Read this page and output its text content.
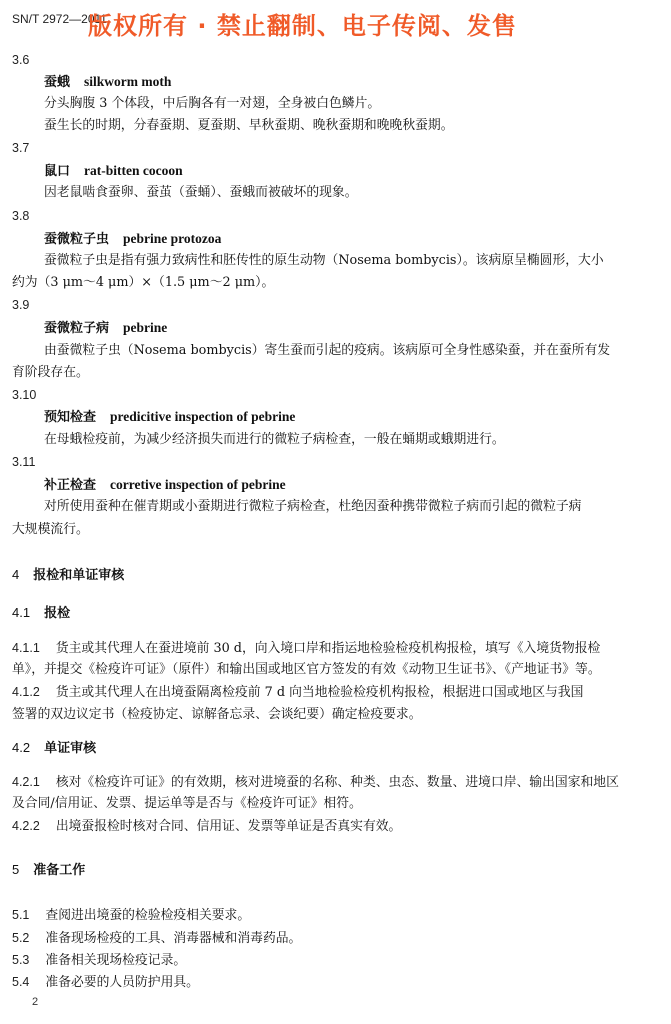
SN/T 2972—2011
版权所有 · 禁止翻制、电子传阅、发售
3.6
蚕蛾 silkworm moth
分头胸腹 3 个体段，中后胸各有一对翅，全身被白色鳞片。
蚕生长的时期，分春蚕期、夏蚕期、早秋蚕期、晚秋蚕期和晚晚秋蚕期。
3.7
鼠口 rat-bitten cocoon
因老鼠啮食蚕卵、蚕茧（蚕蛹）、蚕蛾而被破坏的现象。
3.8
蚕微粒子虫 pebrine protozoa
蚕微粒子虫是指有强力致病性和胚传性的原生动物（Nosema bombycis）。该病原呈椭圆形，大小
约为（3 μm～4 μm）×（1.5 μm～2 μm）。
3.9
蚕微粒子病 pebrine
由蚕微粒子虫（Nosema bombycis）寄生蚕而引起的疫病。该病原可全身性感染蚕，并在蚕所有发
育阶段存在。
3.10
预知检查 predicitive inspection of pebrine
在母蛾检疫前，为减少经济损失而进行的微粒子病检查，一般在蛹期或蛾期进行。
3.11
补正检查 corretive inspection of pebrine
对所使用蚕种在催青期或小蚕期进行微粒子病检查，杜绝因蚕种携带微粒子病而引起的微粒子病
大规模流行。
4 报检和单证审核
4.1 报检
4.1.1 货主或其代理人在蚕进境前 30 d，向入境口岸和指运地检验检疫机构报检，填写《入境货物报检
单》，并提交《检疫许可证》（原件）和输出国或地区官方签发的有效《动物卫生证书》、《产地证书》等。
4.1.2 货主或其代理人在出境蚕隔离检疫前 7 d 向当地检验检疫机构报检，根据进口国或地区与我国
签署的双边议定书（检疫协定、谅解备忘录、会谈纪要）确定检疫要求。
4.2 单证审核
4.2.1 核对《检疫许可证》的有效期，核对进境蚕的名称、种类、虫态、数量、进境口岸、输出国家和地区
及合同/信用证、发票、提运单等是否与《检疫许可证》相符。
4.2.2 出境蚕报检时核对合同、信用证、发票等单证是否真实有效。
5 准备工作
5.1 查阅进出境蚕的检验检疫相关要求。
5.2 准备现场检疫的工具、消毒器械和消毒药品。
5.3 准备相关现场检疫记录。
5.4 准备必要的人员防护用具。
2
